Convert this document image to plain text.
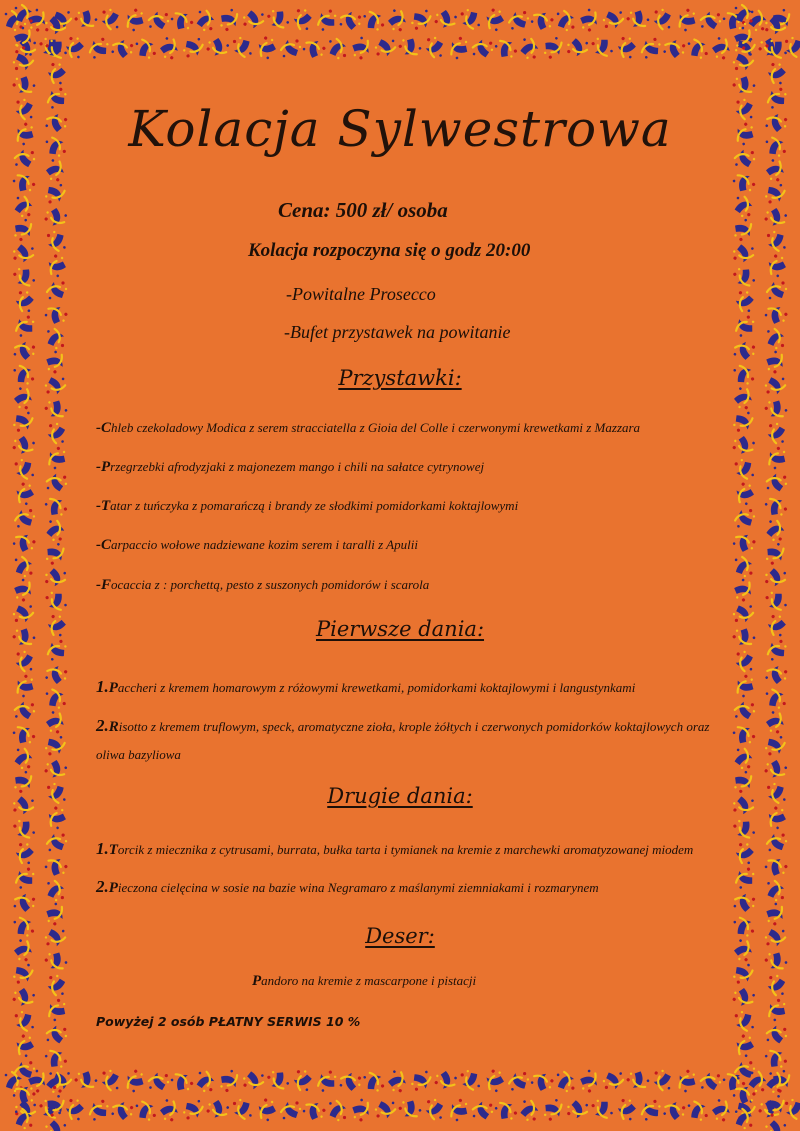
Kolacja Sylwestrowa
Cena: 500 zł/ osoba
Kolacja rozpoczyna się o godz 20:00
-Powitalne Prosecco
-Bufet przystawek na powitanie
Przystawki:
-Chleb czekoladowy Modica z serem stracciatella z Gioia del Colle i czerwonymi krewetkami z Mazzara
-Przegrzebki afrodyzjaki z majonezem mango i chili na sałatce cytrynowej
-Tatar z tuńczyka z pomarańczą i brandy ze słodkimi pomidorkami koktajlowymi
-Carpaccio wołowe nadziewane kozim serem i taralli z Apulii
-Focaccia z : porchettą, pesto z suszonych pomidorów i scarola
Pierwsze dania:
1.Paccheri z kremem homarowym z różowymi krewetkami, pomidorkami koktajlowymi i langustynkami
2.Risotto z kremem truflowym, speck, aromatyczne zioła, krople żółtych i czerwonych pomidorków koktajlowych oraz oliwa bazyliowa
Drugie dania:
1.Torcik z miecznika z cytrusami, burrata, bułka tarta i tymianek na kremie z marchewki aromatyzowanej miodem
2.Pieczona cielęcina w sosie na bazie wina Negramaro z maślanymi ziemniakami i rozmarynem
Deser:
Pandoro na kremie z mascarpone i pistacji
Powyżej 2 osób PŁATNY SERWIS 10 %
